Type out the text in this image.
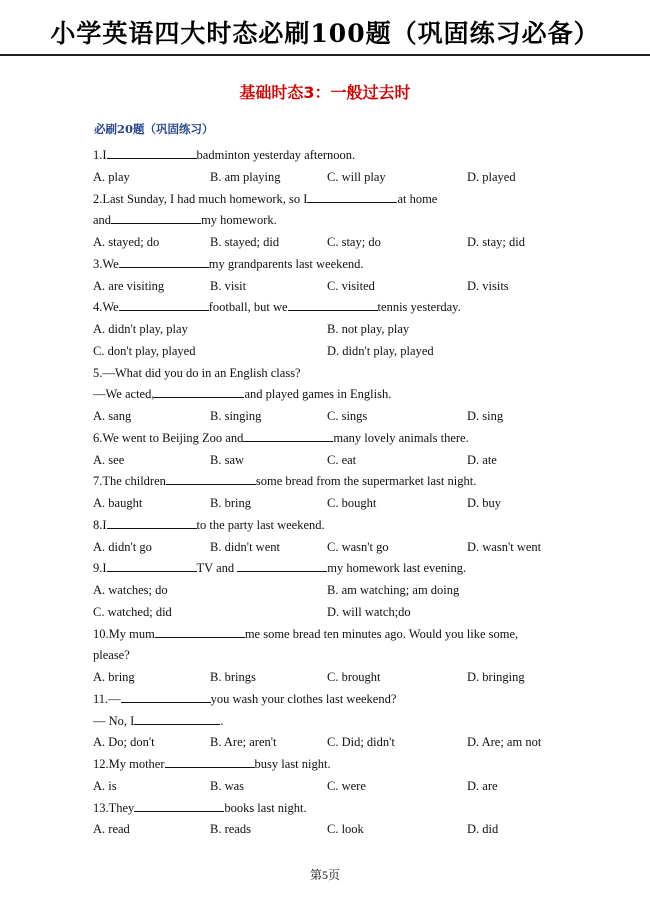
小学英语四大时态必刷100题（巩固练习必备）
基础时态3：一般过去时
必刷20题（巩固练习）
1.I	badminton yesterday afternoon.
A. play	B. am playing	C. will play	D. played
2.Last Sunday, I had much homework, so I	at home
and	my homework.
A. stayed; do	B. stayed; did	C. stay; do	D. stay; did
3.We	my grandparents last weekend.
A. are visiting	B. visit	C. visited	D. visits
4.We	football, but we	tennis yesterday.
A. didn't play, play	B. not play, play
C. don't play, played	D. didn't play, played
5.—What did you do in an English class?
—We acted,	and played games in English.
A. sang	B. singing	C. sings	D. sing
6.We went to Beijing Zoo and	many lovely animals there.
A. see	B. saw	C. eat	D. ate
7.The children	some bread from the supermarket last night.
A. baught	B. bring	C. bought	D. buy
8.I	to the party last weekend.
A. didn't go	B. didn't went	C. wasn't go	D. wasn't went
9.I	TV and	my homework last evening.
A. watches; do	B. am watching; am doing
C. watched; did	D. will watch;do
10.My mum	me some bread ten minutes ago. Would you like some,
please?
A. bring	B. brings	C. brought	D. bringing
11.—	you wash your clothes last weekend?
— No, I	.
A. Do; don't	B. Are; aren't	C. Did; didn't	D. Are; am not
12.My mother	busy last night.
A. is	B. was	C. were	D. are
13.They	books last night.
A. read	B. reads	C. look	D. did
第5页
